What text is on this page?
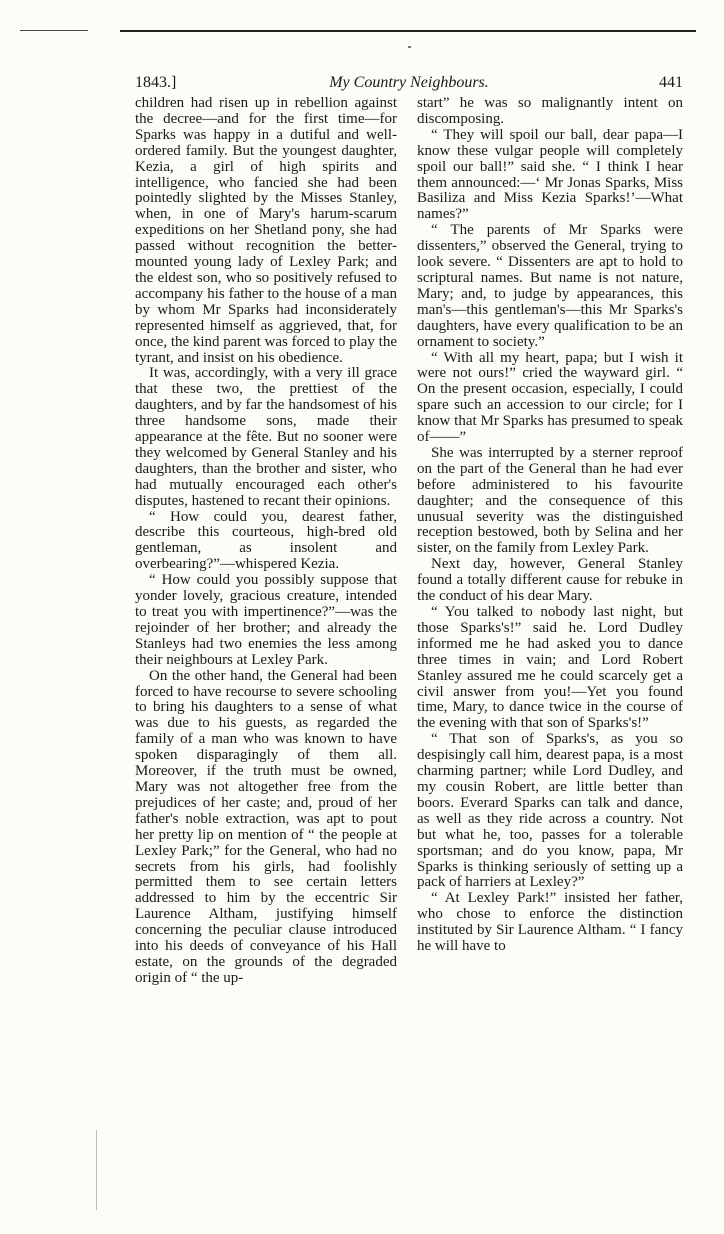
1843.]	My Country Neighbours.	441

children had risen up in rebellion against the decree—and for the first time—for Sparks was happy in a dutiful and well-ordered family. But the youngest daughter, Kezia, a girl of high spirits and intelligence, who fancied she had been pointedly slighted by the Misses Stanley, when, in one of Mary's harum-scarum expeditions on her Shetland pony, she had passed without recognition the better-mounted young lady of Lexley Park; and the eldest son, who so positively refused to accompany his father to the house of a man by whom Mr Sparks had inconsiderately represented himself as aggrieved, that, for once, the kind parent was forced to play the tyrant, and insist on his obedience.

It was, accordingly, with a very ill grace that these two, the prettiest of the daughters, and by far the handsomest of his three handsome sons, made their appearance at the fête. But no sooner were they welcomed by General Stanley and his daughters, than the brother and sister, who had mutually encouraged each other's disputes, hastened to recant their opinions.

“ How could you, dearest father, describe this courteous, high-bred old gentleman, as insolent and overbearing?”—whispered Kezia.

“ How could you possibly suppose that yonder lovely, gracious creature, intended to treat you with impertinence?”—was the rejoinder of her brother; and already the Stanleys had two enemies the less among their neighbours at Lexley Park.

On the other hand, the General had been forced to have recourse to severe schooling to bring his daughters to a sense of what was due to his guests, as regarded the family of a man who was known to have spoken disparagingly of them all. Moreover, if the truth must be owned, Mary was not altogether free from the prejudices of her caste; and, proud of her father's noble extraction, was apt to pout her pretty lip on mention of “ the people at Lexley Park;” for the General, who had no secrets from his girls, had foolishly permitted them to see certain letters addressed to him by the eccentric Sir Laurence Altham, justifying himself concerning the peculiar clause introduced into his deeds of conveyance of his Hall estate, on the grounds of the degraded origin of “ the up-

start” he was so malignantly intent on discomposing.

“ They will spoil our ball, dear papa—I know these vulgar people will completely spoil our ball!” said she. “ I think I hear them announced:—‘ Mr Jonas Sparks, Miss Basiliza and Miss Kezia Sparks!’—What names?”

“ The parents of Mr Sparks were dissenters,” observed the General, trying to look severe. “ Dissenters are apt to hold to scriptural names. But name is not nature, Mary; and, to judge by appearances, this man's—this gentleman's—this Mr Sparks's daughters, have every qualification to be an ornament to society.”

“ With all my heart, papa; but I wish it were not ours!” cried the wayward girl. “ On the present occasion, especially, I could spare such an accession to our circle; for I know that Mr Sparks has presumed to speak of——”

She was interrupted by a sterner reproof on the part of the General than he had ever before administered to his favourite daughter; and the consequence of this unusual severity was the distinguished reception bestowed, both by Selina and her sister, on the family from Lexley Park.

Next day, however, General Stanley found a totally different cause for rebuke in the conduct of his dear Mary.

“ You talked to nobody last night, but those Sparks's!” said he. Lord Dudley informed me he had asked you to dance three times in vain; and Lord Robert Stanley assured me he could scarcely get a civil answer from you!—Yet you found time, Mary, to dance twice in the course of the evening with that son of Sparks's!”

“ That son of Sparks's, as you so despisingly call him, dearest papa, is a most charming partner; while Lord Dudley, and my cousin Robert, are little better than boors. Everard Sparks can talk and dance, as well as they ride across a country. Not but what he, too, passes for a tolerable sportsman; and do you know, papa, Mr Sparks is thinking seriously of setting up a pack of harriers at Lexley?”

“ At Lexley Park!” insisted her father, who chose to enforce the distinction instituted by Sir Laurence Altham. “ I fancy he will have to
